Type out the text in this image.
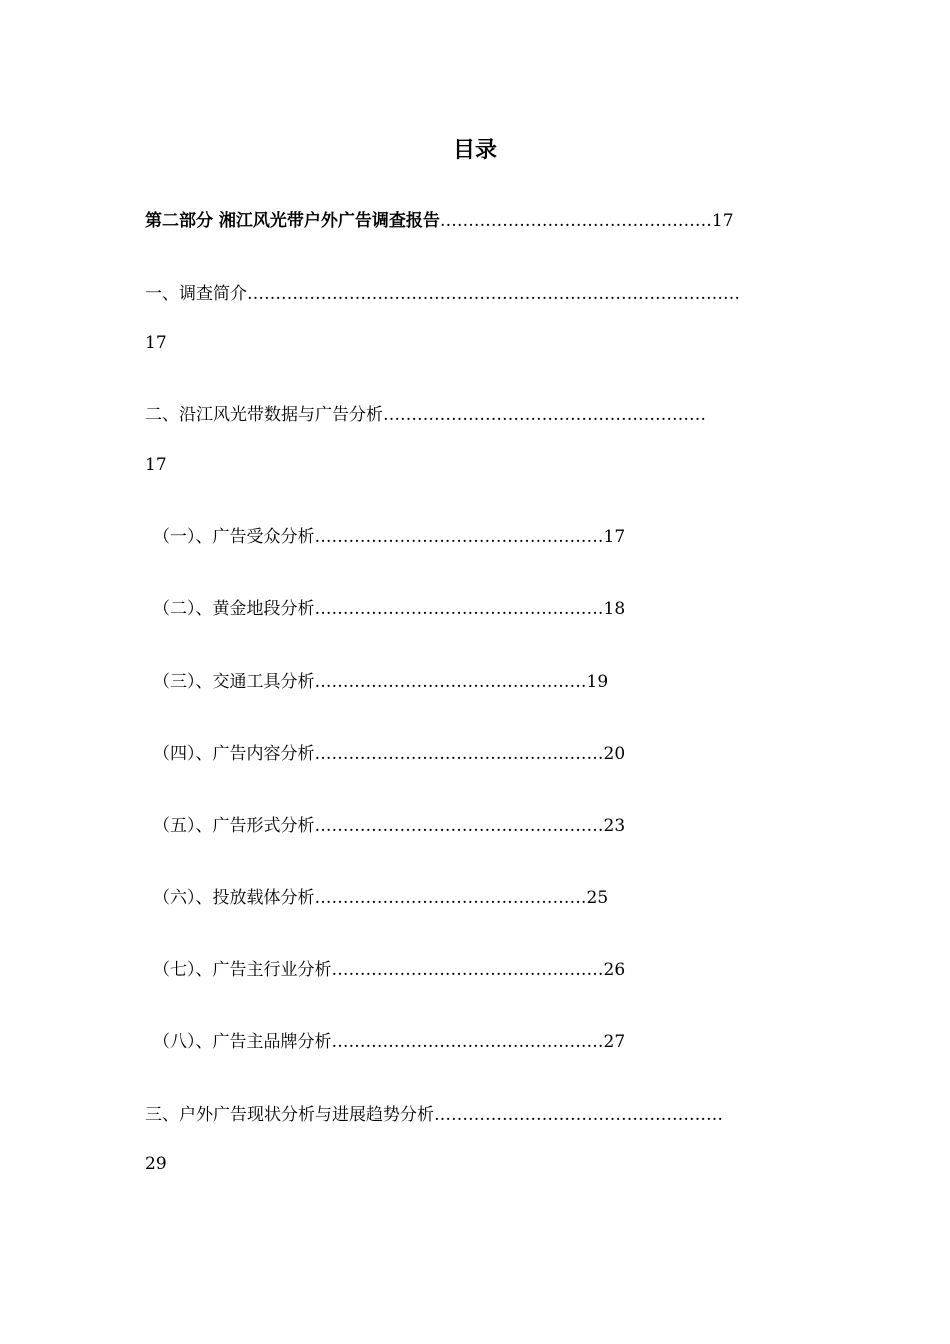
目录
第二部分 湘江风光带户外广告调查报告…………………………………………17
一、调查简介……………………………………………………………………………
17
二、沿江风光带数据与广告分析…………………………………………………
17
（一）、广告受众分析……………………………………………17
（二）、黄金地段分析……………………………………………18
（三）、交通工具分析…………………………………………19
（四）、广告内容分析……………………………………………20
（五）、广告形式分析……………………………………………23
（六）、投放载体分析…………………………………………25
（七）、广告主行业分析…………………………………………26
（八）、广告主品牌分析…………………………………………27
三、户外广告现状分析与进展趋势分析……………………………………………
29
